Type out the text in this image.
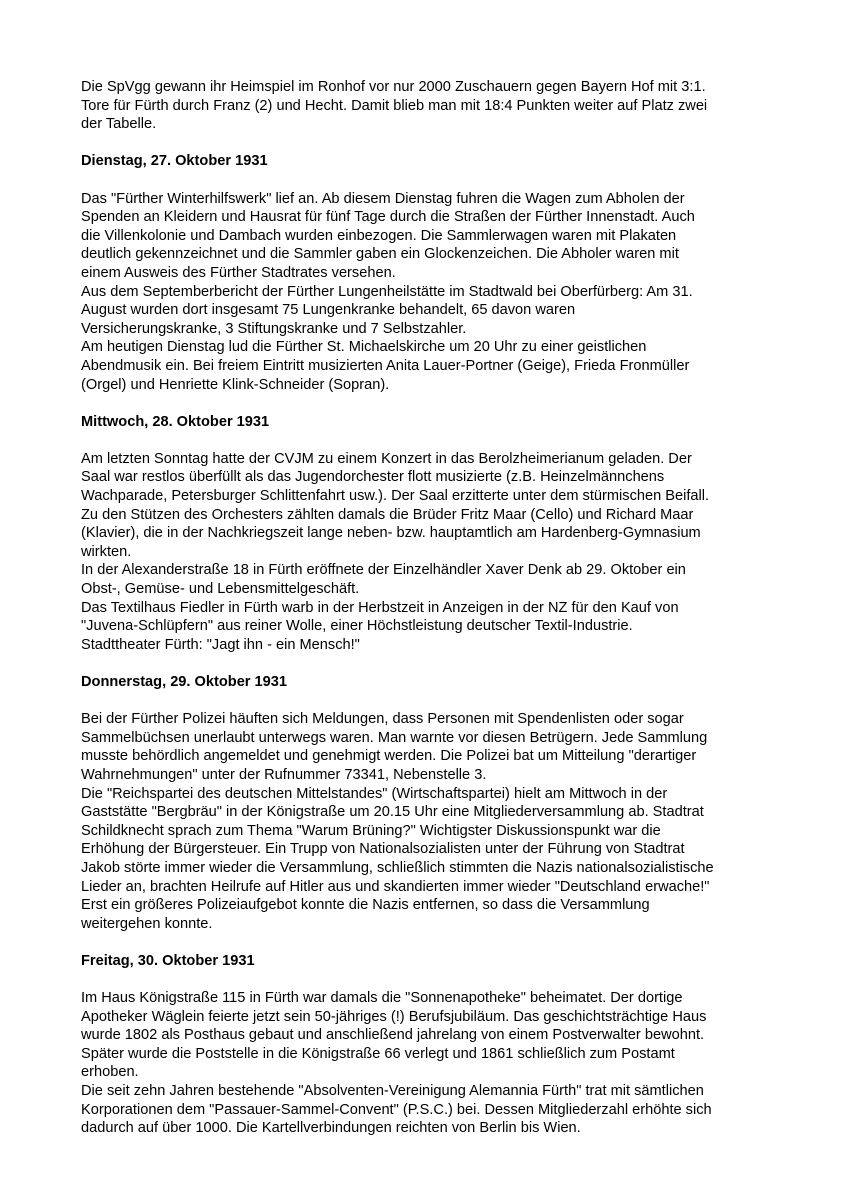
Die SpVgg gewann ihr Heimspiel im Ronhof vor nur 2000 Zuschauern gegen Bayern Hof mit 3:1.

Tore für Fürth durch Franz (2) und Hecht. Damit blieb man mit 18:4 Punkten weiter auf Platz zwei

der Tabelle.

Dienstag, 27. Oktober 1931

Das "Fürther Winterhilfswerk" lief an. Ab diesem Dienstag fuhren die Wagen zum Abholen der

Spenden an Kleidern und Hausrat für fünf Tage durch die Straßen der Fürther Innenstadt. Auch

die Villenkolonie und Dambach wurden einbezogen. Die Sammlerwagen waren mit Plakaten

deutlich gekennzeichnet und die Sammler gaben ein Glockenzeichen. Die Abholer waren mit

einem Ausweis des Fürther Stadtrates versehen.

Aus dem Septemberbericht der Fürther Lungenheilstätte im Stadtwald bei Oberfürberg: Am 31.

August wurden dort insgesamt 75 Lungenkranke behandelt, 65 davon waren

Versicherungskranke, 3 Stiftungskranke und 7 Selbstzahler.

Am heutigen Dienstag lud die Fürther St. Michaelskirche um 20 Uhr zu einer geistlichen

Abendmusik ein. Bei freiem Eintritt musizierten Anita Lauer-Portner (Geige), Frieda Fronmüller

(Orgel) und Henriette Klink-Schneider (Sopran).

Mittwoch, 28. Oktober 1931

Am letzten Sonntag hatte der CVJM zu einem Konzert in das Berolzheimerianum geladen. Der

Saal war restlos überfüllt als das Jugendorchester flott musizierte (z.B. Heinzelmännchens

Wachparade, Petersburger Schlittenfahrt usw.). Der Saal erzitterte unter dem stürmischen Beifall.

Zu den Stützen des Orchesters zählten damals die Brüder Fritz Maar (Cello) und Richard Maar

(Klavier), die in der Nachkriegszeit lange neben- bzw. hauptamtlich am Hardenberg-Gymnasium

wirkten.

In der Alexanderstraße 18 in Fürth eröffnete der Einzelhändler Xaver Denk ab 29. Oktober ein

Obst-, Gemüse- und Lebensmittelgeschäft.

Das Textilhaus Fiedler in Fürth warb in der Herbstzeit in Anzeigen in der NZ für den Kauf von

"Juvena-Schlüpfern" aus reiner Wolle, einer Höchstleistung deutscher Textil-Industrie.

Stadttheater Fürth: "Jagt ihn - ein Mensch!"

Donnerstag, 29. Oktober 1931

Bei der Fürther Polizei häuften sich Meldungen, dass Personen mit Spendenlisten oder sogar

Sammelbüchsen unerlaubt unterwegs waren. Man warnte vor diesen Betrügern. Jede Sammlung

musste behördlich angemeldet und genehmigt werden. Die Polizei bat um Mitteilung "derartiger

Wahrnehmungen" unter der Rufnummer 73341, Nebenstelle 3.

Die "Reichspartei des deutschen Mittelstandes" (Wirtschaftspartei) hielt am Mittwoch in der

Gaststätte "Bergbräu" in der Königstraße um 20.15 Uhr eine Mitgliederversammlung ab. Stadtrat

Schildknecht sprach zum Thema "Warum Brüning?" Wichtigster Diskussionspunkt war die

Erhöhung der Bürgersteuer. Ein Trupp von Nationalsozialisten unter der Führung von Stadtrat

Jakob störte immer wieder die Versammlung, schließlich stimmten die Nazis nationalsozialistische

Lieder an, brachten Heilrufe auf Hitler aus und skandierten immer wieder "Deutschland erwache!"

Erst ein größeres Polizeiaufgebot konnte die Nazis entfernen, so dass die Versammlung

weitergehen konnte.

Freitag, 30. Oktober 1931

Im Haus Königstraße 115 in Fürth war damals die "Sonnenapotheke" beheimatet. Der dortige

Apotheker Wäglein feierte jetzt sein 50-jähriges (!) Berufsjubiläum. Das geschichtsträchtige Haus

wurde 1802 als Posthaus gebaut und anschließend jahrelang von einem Postverwalter bewohnt.

Später wurde die Poststelle in die Königstraße 66 verlegt und 1861 schließlich zum Postamt

erhoben.

Die seit zehn Jahren bestehende "Absolventen-Vereinigung Alemannia Fürth" trat mit sämtlichen

Korporationen dem "Passauer-Sammel-Convent" (P.S.C.) bei. Dessen Mitgliederzahl erhöhte sich

dadurch auf über 1000. Die Kartellverbindungen reichten von Berlin bis Wien.
